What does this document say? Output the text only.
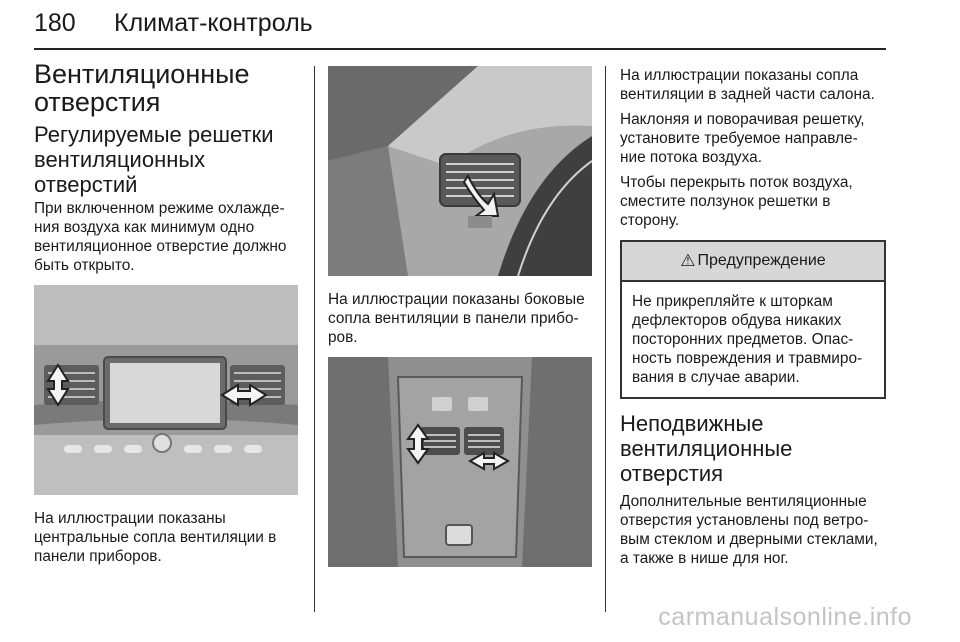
180 Климат-контроль
Вентиляционные
отверстия
Регулируемые решетки
вентиляционных
отверстий

При включенном режиме охлажде-
ния воздуха как минимум одно
вентиляционное отверстие должно
быть открыто.

На иллюстрации показаны
центральные сопла вентиляции в
панели приборов.

На иллюстрации показаны боковые
сопла вентиляции в панели прибо-
ров.

На иллюстрации показаны сопла
вентиляции в задней части салона.

Наклоняя и поворачивая решетку,
установите требуемое направле-
ние потока воздуха.

Чтобы перекрыть поток воздуха,
сместите ползунок решетки в
сторону.

⚠ Предупреждение
Не прикрепляйте к шторкам
дефлекторов обдува никаких
посторонних предметов. Опас-
ность повреждения и травмиро-
вания в случае аварии.
Неподвижные
вентиляционные
отверстия

Дополнительные вентиляционные
отверстия установлены под ветро-
вым стеклом и дверными стеклами,
а также в нише для ног.

carmanualsonline.info
